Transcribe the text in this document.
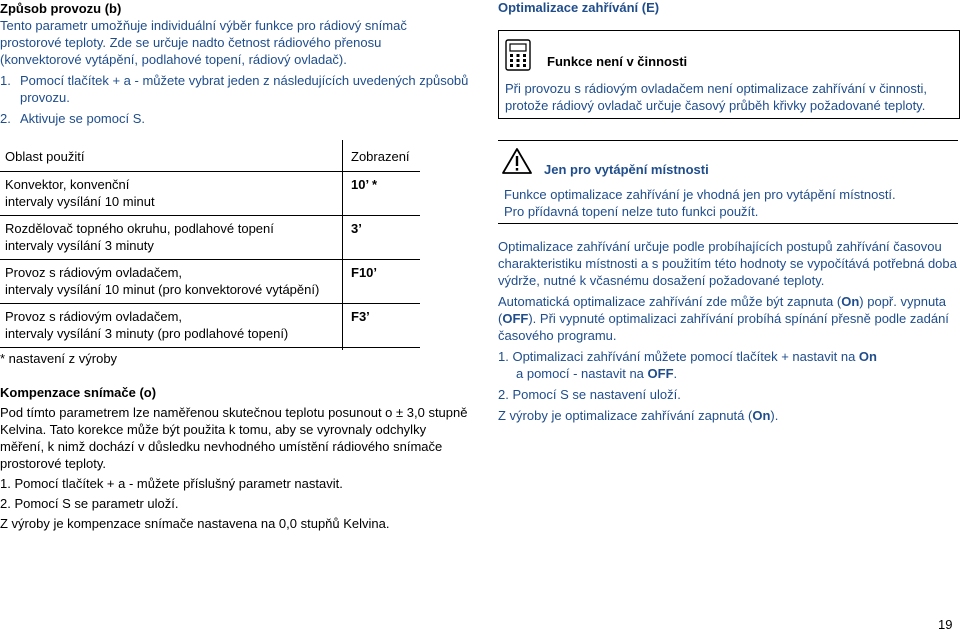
Způsob provozu (b)

Tento parametr umožňuje individuální výběr funkce pro rádiový snímač

prostorové teploty. Zde se určuje nadto četnost rádiového přenosu

(konvektorové vytápění, podlahové topení, rádiový ovladač).

1. Pomocí tlačítek + a - můžete vybrat jeden z následujících uvedených způsobů provozu.
2. Aktivuje se pomocí S.
Oblast použití	Zobrazení
Konvektor, konvenční
intervaly vysílání 10 minut
10’ *
Rozdělovač topného okruhu, podlahové topení
intervaly vysílání 3 minuty
3’
Provoz s rádiovým ovladačem,
intervaly vysílání 10 minut (pro konvektorové vytápění)
F10’
Provoz s rádiovým ovladačem,
intervaly vysílání 3 minuty (pro podlahové topení)
F3’
* nastavení z výroby
Kompenzace snímače (o)

Pod tímto parametrem lze naměřenou skutečnou teplotu posunout o ± 3,0 stupně Kelvina. Tato korekce může být použita k tomu, aby se vyrovnaly odchylky měření, k nimž dochází v důsledku nevhodného umístění rádiového snímače prostorové teploty.

1. Pomocí tlačítek + a - můžete příslušný parametr nastavit.

2. Pomocí S se parametr uloží.

Z výroby je kompenzace snímače nastavena na 0,0 stupňů Kelvina.

Optimalizace zahřívání (E)
Funkce není v činnosti
Při provozu s rádiovým ovladačem není optimalizace zahřívání v činnosti, protože rádiový ovladač určuje časový průběh křivky požadované teploty.
Jen pro vytápění místnosti
Funkce optimalizace zahřívání je vhodná jen pro vytápění místností.
Pro přídavná topení nelze tuto funkci použít.

Optimalizace zahřívání určuje podle probíhajících postupů zahřívání časovou charakteristiku místnosti a s použitím této hodnoty se vypočítává potřebná doba výdrže, nutné k včasnému dosažení požadované teploty.

Automatická optimalizace zahřívání zde může být zapnuta (On) popř. vypnuta (OFF). Při vypnuté optimalizaci zahřívání probíhá spínání přesně podle zadání časového programu.

1. Optimalizaci zahřívání můžete pomocí tlačítek + nastavit na On
a pomocí - nastavit na OFF.

2. Pomocí S se nastavení uloží.

Z výroby je optimalizace zahřívání zapnutá (On).

19
